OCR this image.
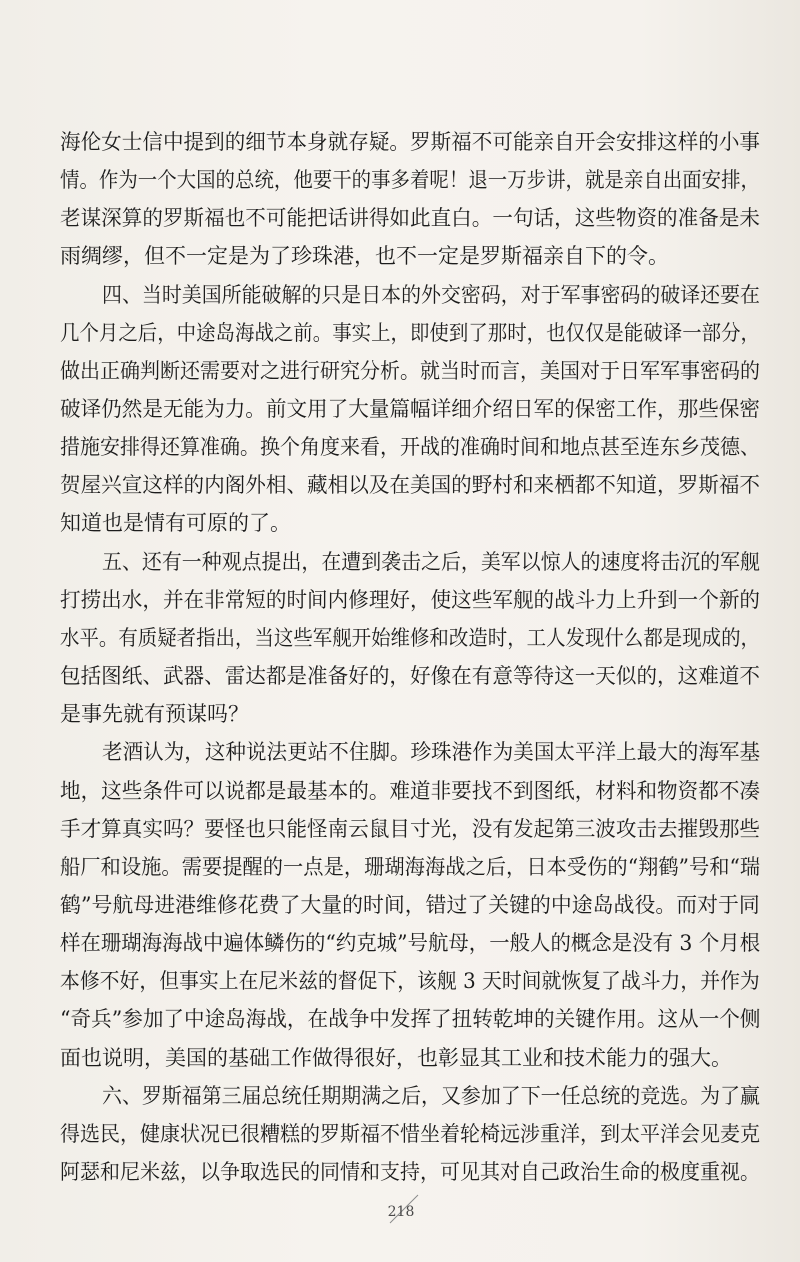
海伦女士信中提到的细节本身就存疑。罗斯福不可能亲自开会安排这样的小事
情。作为一个大国的总统，他要干的事多着呢！退一万步讲，就是亲自出面安排，
老谋深算的罗斯福也不可能把话讲得如此直白。一句话，这些物资的准备是未
雨绸缪，但不一定是为了珍珠港，也不一定是罗斯福亲自下的令。
四、当时美国所能破解的只是日本的外交密码，对于军事密码的破译还要在
几个月之后，中途岛海战之前。事实上，即使到了那时，也仅仅是能破译一部分，
做出正确判断还需要对之进行研究分析。就当时而言，美国对于日军军事密码的
破译仍然是无能为力。前文用了大量篇幅详细介绍日军的保密工作，那些保密
措施安排得还算准确。换个角度来看，开战的准确时间和地点甚至连东乡茂德、
贺屋兴宣这样的内阁外相、藏相以及在美国的野村和来栖都不知道，罗斯福不
知道也是情有可原的了。
五、还有一种观点提出，在遭到袭击之后，美军以惊人的速度将击沉的军舰
打捞出水，并在非常短的时间内修理好，使这些军舰的战斗力上升到一个新的
水平。有质疑者指出，当这些军舰开始维修和改造时，工人发现什么都是现成的，
包括图纸、武器、雷达都是准备好的，好像在有意等待这一天似的，这难道不
是事先就有预谋吗？
老酒认为，这种说法更站不住脚。珍珠港作为美国太平洋上最大的海军基
地，这些条件可以说都是最基本的。难道非要找不到图纸，材料和物资都不凑
手才算真实吗？要怪也只能怪南云鼠目寸光，没有发起第三波攻击去摧毁那些
船厂和设施。需要提醒的一点是，珊瑚海海战之后，日本受伤的“翔鹤”号和“瑞
鹤”号航母进港维修花费了大量的时间，错过了关键的中途岛战役。而对于同
样在珊瑚海海战中遍体鳞伤的“约克城”号航母，一般人的概念是没有 3 个月根
本修不好，但事实上在尼米兹的督促下，该舰 3 天时间就恢复了战斗力，并作为
“奇兵”参加了中途岛海战，在战争中发挥了扭转乾坤的关键作用。这从一个侧
面也说明，美国的基础工作做得很好，也彰显其工业和技术能力的强大。
六、罗斯福第三届总统任期期满之后，又参加了下一任总统的竞选。为了赢
得选民，健康状况已很糟糕的罗斯福不惜坐着轮椅远涉重洋，到太平洋会见麦克
阿瑟和尼米兹，以争取选民的同情和支持，可见其对自己政治生命的极度重视。
218
